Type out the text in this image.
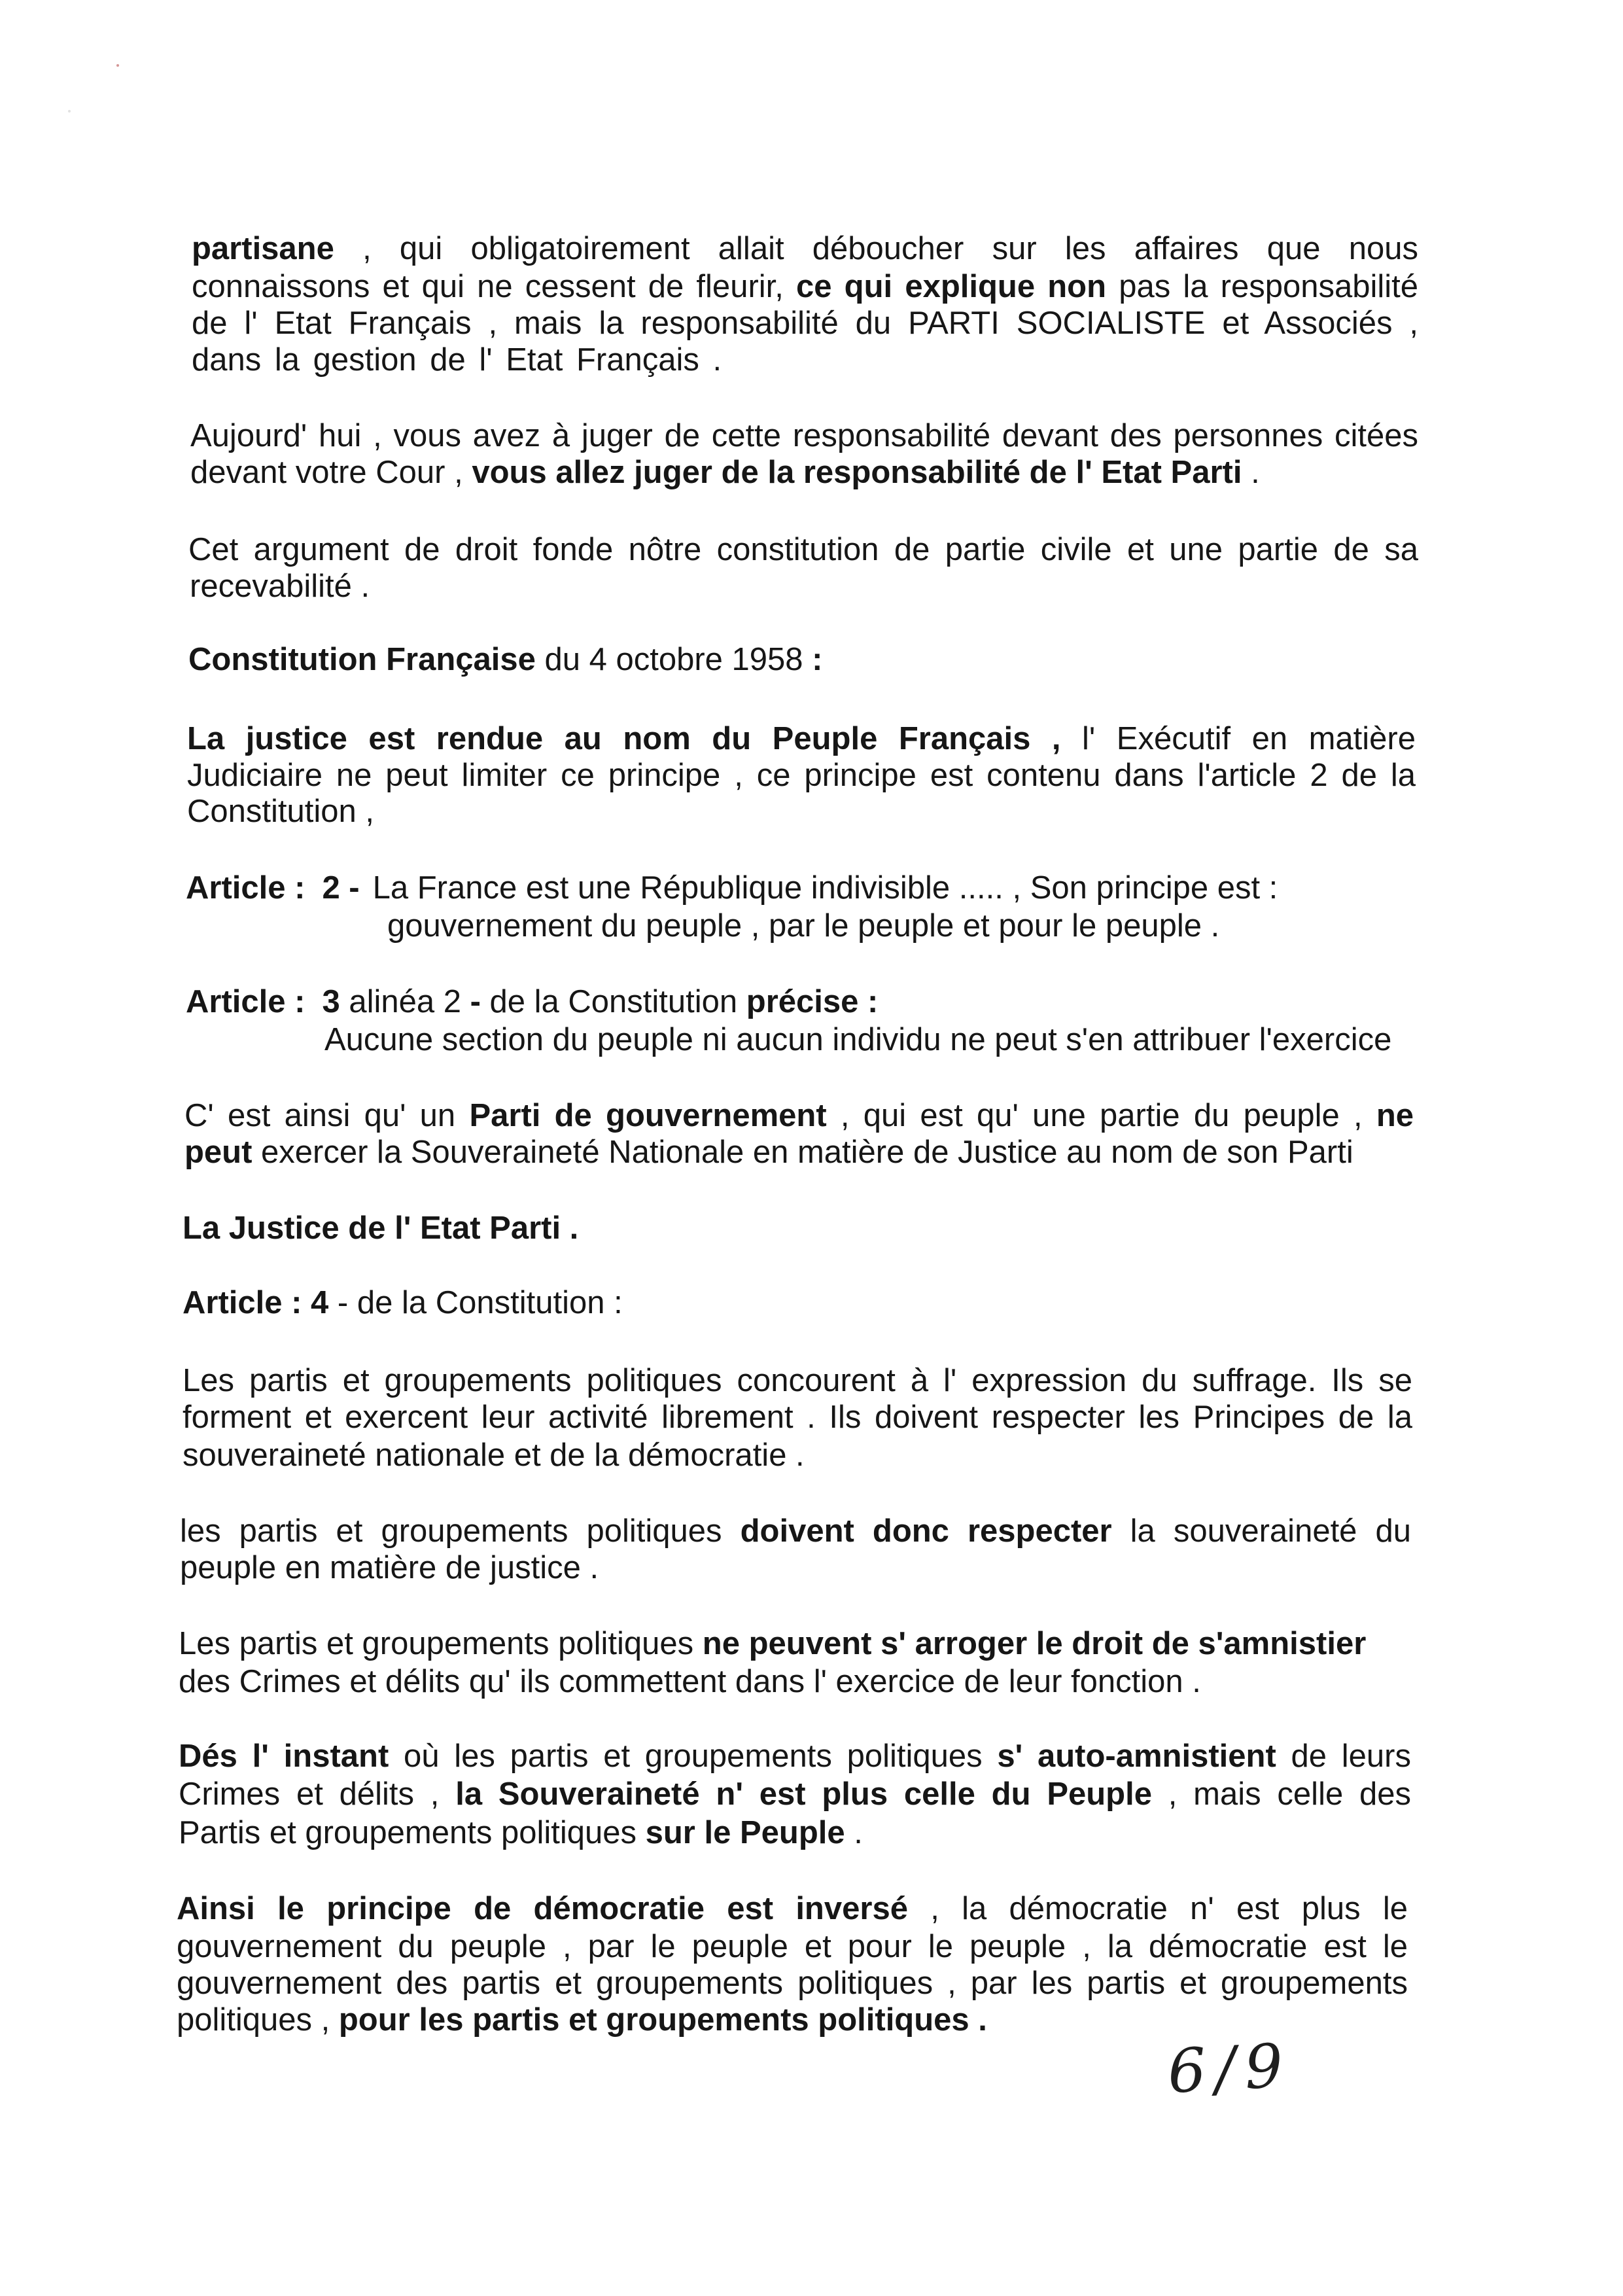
partisane , qui obligatoirement allait déboucher sur les affaires que nous
connaissons et qui ne cessent de fleurir, ce qui explique non pas la responsabilité
de l' Etat Français , mais la responsabilité du PARTI SOCIALISTE et Associés ,
dans la gestion de l' Etat Français .
Aujourd' hui , vous avez à juger de cette responsabilité devant des personnes citées
devant votre Cour , vous allez juger de la responsabilité de l' Etat Parti .
Cet argument de droit fonde nôtre constitution de partie civile et une partie de sa
recevabilité .
Constitution Française du 4 octobre 1958 :
La justice est rendue au nom du Peuple Français , l' Exécutif en matière
Judiciaire ne peut limiter ce principe , ce principe est contenu dans l'article 2 de la
Constitution ,
Article : 2 - La France est une République indivisible ..... , Son principe est :
gouvernement du peuple , par le peuple et pour le peuple .
Article : 3 alinéa 2 - de la Constitution précise :
Aucune section du peuple ni aucun individu ne peut s'en attribuer l'exercice
C' est ainsi qu' un Parti de gouvernement , qui est qu' une partie du peuple , ne
peut exercer la Souveraineté Nationale en matière de Justice au nom de son Parti
La Justice de l' Etat Parti .
Article : 4 - de la Constitution :
Les partis et groupements politiques concourent à l' expression du suffrage. Ils se
forment et exercent leur activité librement . Ils doivent respecter les Principes de la
souveraineté nationale et de la démocratie .
les partis et groupements politiques doivent donc respecter la souveraineté du
peuple en matière de justice .
Les partis et groupements politiques ne peuvent s' arroger le droit de s'amnistier
des Crimes et délits qu' ils commettent dans l' exercice de leur fonction .
Dés l' instant où les partis et groupements politiques s' auto-amnistient de leurs
Crimes et délits , la Souveraineté n' est plus celle du Peuple , mais celle des
Partis et groupements politiques sur le Peuple .
Ainsi le principe de démocratie est inversé , la démocratie n' est plus le
gouvernement du peuple , par le peuple et pour le peuple , la démocratie est le
gouvernement des partis et groupements politiques , par les partis et groupements
politiques , pour les partis et groupements politiques .
6/9
